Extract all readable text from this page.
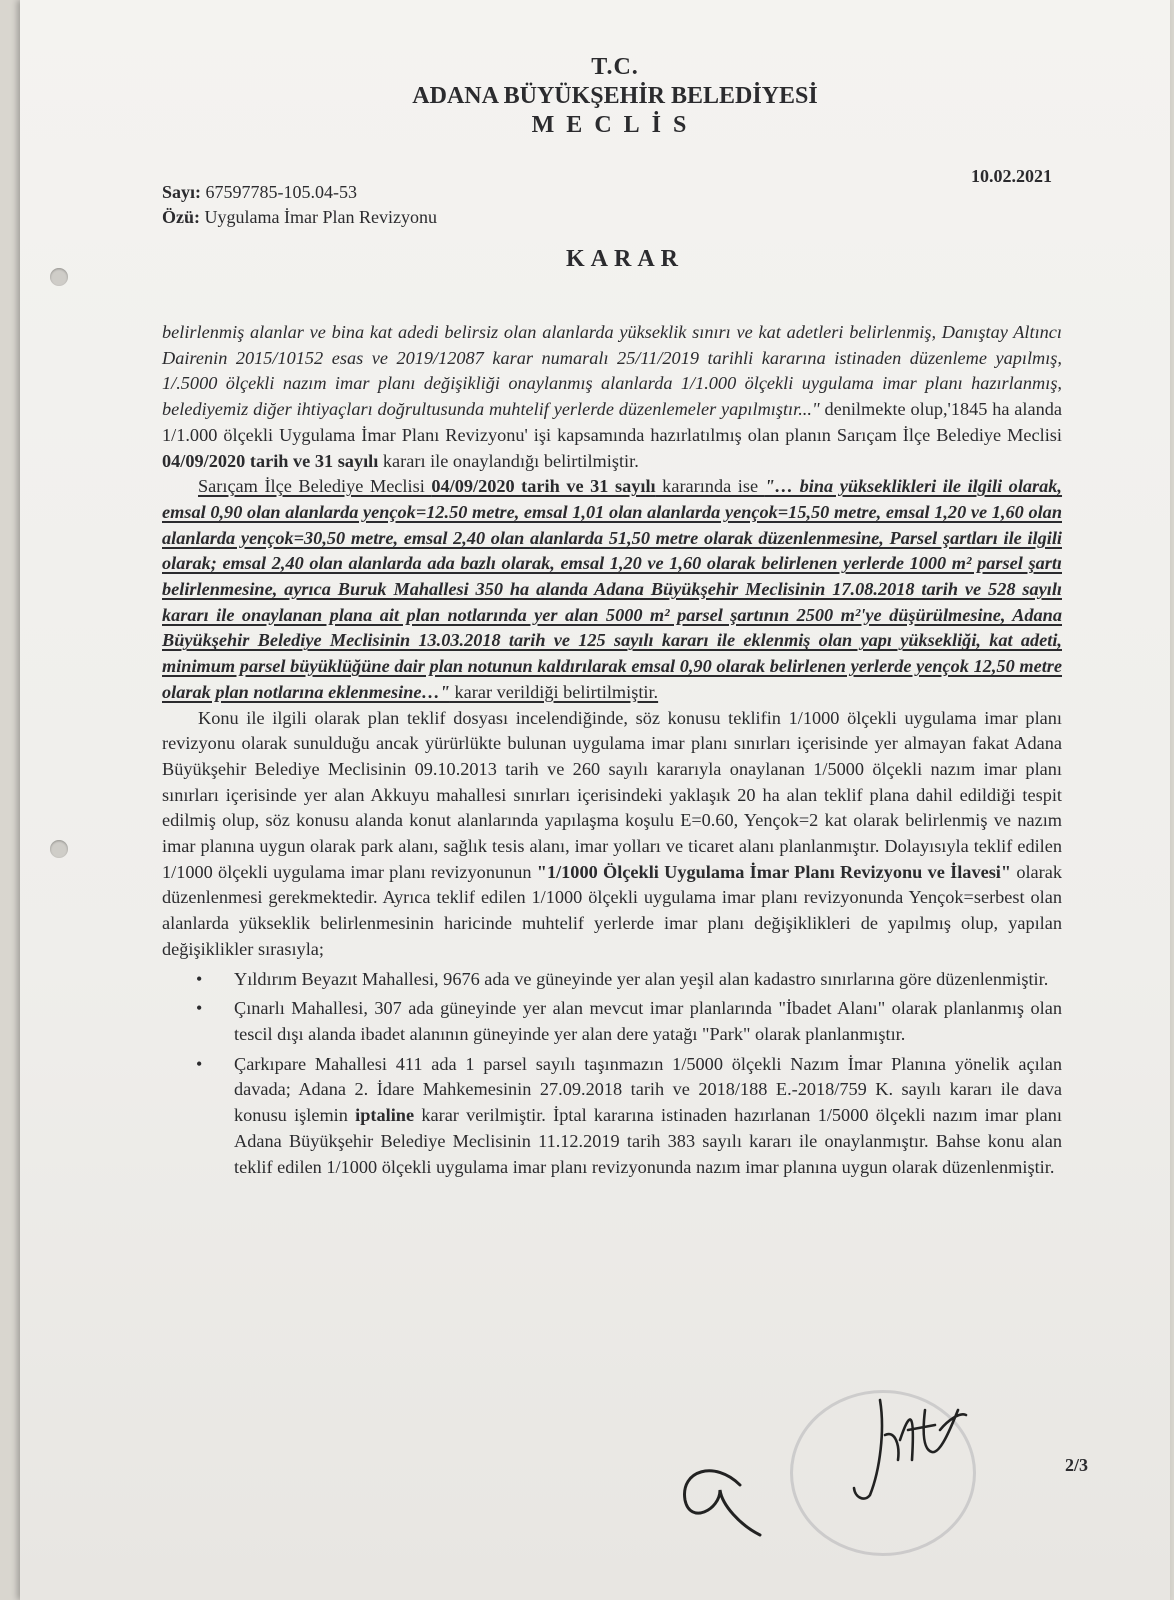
T.C.
ADANA BÜYÜKŞEHİR BELEDİYESİ
MECLİS
Sayı: 67597785-105.04-53
Özü: Uygulama İmar Plan Revizyonu
10.02.2021
KARAR

belirlenmiş alanlar ve bina kat adedi belirsiz olan alanlarda yükseklik sınırı ve kat adetleri belirlenmiş, Danıştay Altıncı Dairenin 2015/10152 esas ve 2019/12087 karar numaralı 25/11/2019 tarihli kararına istinaden düzenleme yapılmış, 1/.5000 ölçekli nazım imar planı değişikliği onaylanmış alanlarda 1/1.000 ölçekli uygulama imar planı hazırlanmış, belediyemiz diğer ihtiyaçları doğrultusunda muhtelif yerlerde düzenlemeler yapılmıştır..." denilmekte olup,'1845 ha alanda 1/1.000 ölçekli Uygulama İmar Planı Revizyonu' işi kapsamında hazırlatılmış olan planın Sarıçam İlçe Belediye Meclisi 04/09/2020 tarih ve 31 sayılı kararı ile onaylandığı belirtilmiştir.

Sarıçam İlçe Belediye Meclisi 04/09/2020 tarih ve 31 sayılı kararında ise "… bina yükseklikleri ile ilgili olarak, emsal 0,90 olan alanlarda yençok=12.50 metre, emsal 1,01 olan alanlarda yençok=15,50 metre, emsal 1,20 ve 1,60 olan alanlarda yençok=30,50 metre, emsal 2,40 olan alanlarda 51,50 metre olarak düzenlenmesine, Parsel şartları ile ilgili olarak; emsal 2,40 olan alanlarda ada bazlı olarak, emsal 1,20 ve 1,60 olarak belirlenen yerlerde 1000 m² parsel şartı belirlenmesine, ayrıca Buruk Mahallesi 350 ha alanda Adana Büyükşehir Meclisinin 17.08.2018 tarih ve 528 sayılı kararı ile onaylanan plana ait plan notlarında yer alan 5000 m² parsel şartının 2500 m²'ye düşürülmesine, Adana Büyükşehir Belediye Meclisinin 13.03.2018 tarih ve 125 sayılı kararı ile eklenmiş olan yapı yüksekliği, kat adeti, minimum parsel büyüklüğüne dair plan notunun kaldırılarak emsal 0,90 olarak belirlenen yerlerde yençok 12,50 metre olarak plan notlarına eklenmesine…" karar verildiği belirtilmiştir.

Konu ile ilgili olarak plan teklif dosyası incelendiğinde, söz konusu teklifin 1/1000 ölçekli uygulama imar planı revizyonu olarak sunulduğu ancak yürürlükte bulunan uygulama imar planı sınırları içerisinde yer almayan fakat Adana Büyükşehir Belediye Meclisinin 09.10.2013 tarih ve 260 sayılı kararıyla onaylanan 1/5000 ölçekli nazım imar planı sınırları içerisinde yer alan Akkuyu mahallesi sınırları içerisindeki yaklaşık 20 ha alan teklif plana dahil edildiği tespit edilmiş olup, söz konusu alanda konut alanlarında yapılaşma koşulu E=0.60, Yençok=2 kat olarak belirlenmiş ve nazım imar planına uygun olarak park alanı, sağlık tesis alanı, imar yolları ve ticaret alanı planlanmıştır. Dolayısıyla teklif edilen 1/1000 ölçekli uygulama imar planı revizyonunun "1/1000 Ölçekli Uygulama İmar Planı Revizyonu ve İlavesi" olarak düzenlenmesi gerekmektedir. Ayrıca teklif edilen 1/1000 ölçekli uygulama imar planı revizyonunda Yençok=serbest olan alanlarda yükseklik belirlenmesinin haricinde muhtelif yerlerde imar planı değişiklikleri de yapılmış olup, yapılan değişiklikler sırasıyla;

• Yıldırım Beyazıt Mahallesi, 9676 ada ve güneyinde yer alan yeşil alan kadastro sınırlarına göre düzenlenmiştir.
• Çınarlı Mahallesi, 307 ada güneyinde yer alan mevcut imar planlarında "İbadet Alanı" olarak planlanmış olan tescil dışı alanda ibadet alanının güneyinde yer alan dere yatağı "Park" olarak planlanmıştır.
• Çarkıpare Mahallesi 411 ada 1 parsel sayılı taşınmazın 1/5000 ölçekli Nazım İmar Planına yönelik açılan davada; Adana 2. İdare Mahkemesinin 27.09.2018 tarih ve 2018/188 E.-2018/759 K. sayılı kararı ile dava konusu işlemin iptaline karar verilmiştir. İptal kararına istinaden hazırlanan 1/5000 ölçekli nazım imar planı Adana Büyükşehir Belediye Meclisinin 11.12.2019 tarih 383 sayılı kararı ile onaylanmıştır. Bahse konu alan teklif edilen 1/1000 ölçekli uygulama imar planı revizyonunda nazım imar planına uygun olarak düzenlenmiştir.
2/3
